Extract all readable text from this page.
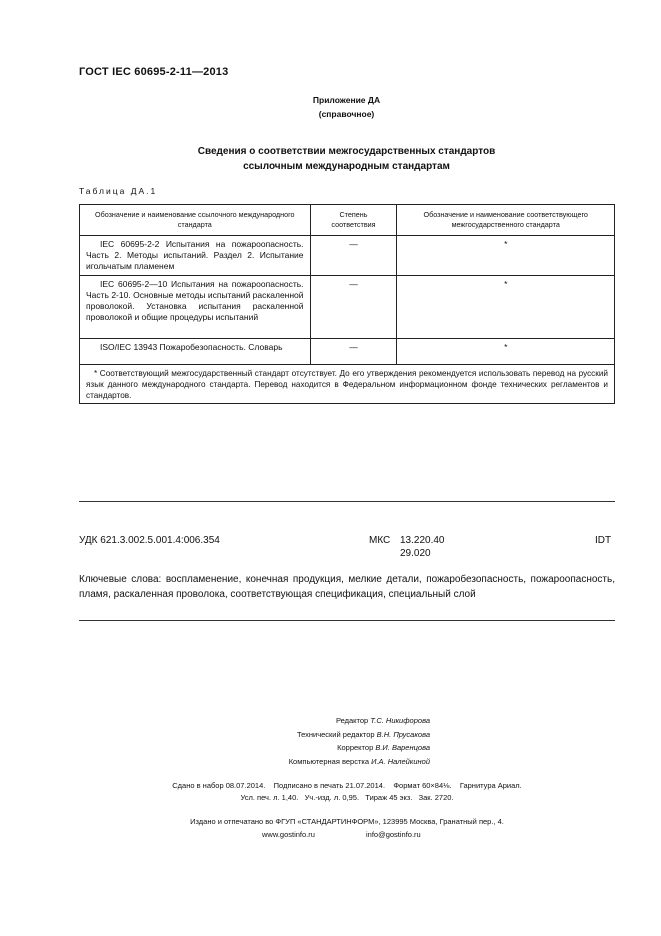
ГОСТ IEC 60695-2-11—2013
Приложение ДА
(справочное)
Сведения о соответствии межгосударственных стандартов
ссылочным международным стандартам
Таблица ДА.1
Обозначение и наименование ссылочного международного стандарта	Степень соответствия	Обозначение и наименование соответствующего межгосударственного стандарта
IEC 60695-2-2 Испытания на пожароопасность. Часть 2. Методы испытаний. Раздел 2. Испытание игольчатым пламенем	—	*
IEC 60695-2—10 Испытания на пожароопасность. Часть 2-10. Основные методы испытаний раскаленной проволокой. Установка испытания раскаленной проволокой и общие процедуры испытаний	—	*
ISO/IEC 13943 Пожаробезопасность. Словарь	—	*
* Соответствующий межгосударственный стандарт отсутствует. До его утверждения рекомендуется использовать перевод на русский язык данного международного стандарта. Перевод находится в Федеральном информационном фонде технических регламентов и стандартов.		
УДК 621.3.002.5.001.4:006.354	МКС 13.220.40
29.020
IDT
Ключевые слова: воспламенение, конечная продукция, мелкие детали, пожаробезопасность, пожароопасность, пламя, раскаленная проволока, соответствующая спецификация, специальный слой
Редактор Т.С. Никифорова
Технический редактор В.Н. Прусакова
Корректор В.И. Варенцова
Компьютерная верстка И.А. Налейкиной
Сдано в набор 08.07.2014.    Подписано в печать 21.07.2014.    Формат 60×84⅛.    Гарнитура Ариал.
Усл. печ. л. 1,40.   Уч.-изд. л. 0,95.   Тираж 45 экз.   Зак. 2720.
Издано и отпечатано во ФГУП «СТАНДАРТИНФОРМ», 123995 Москва, Гранатный пер., 4.
www.gostinfo.ru	info@gostinfo.ru
